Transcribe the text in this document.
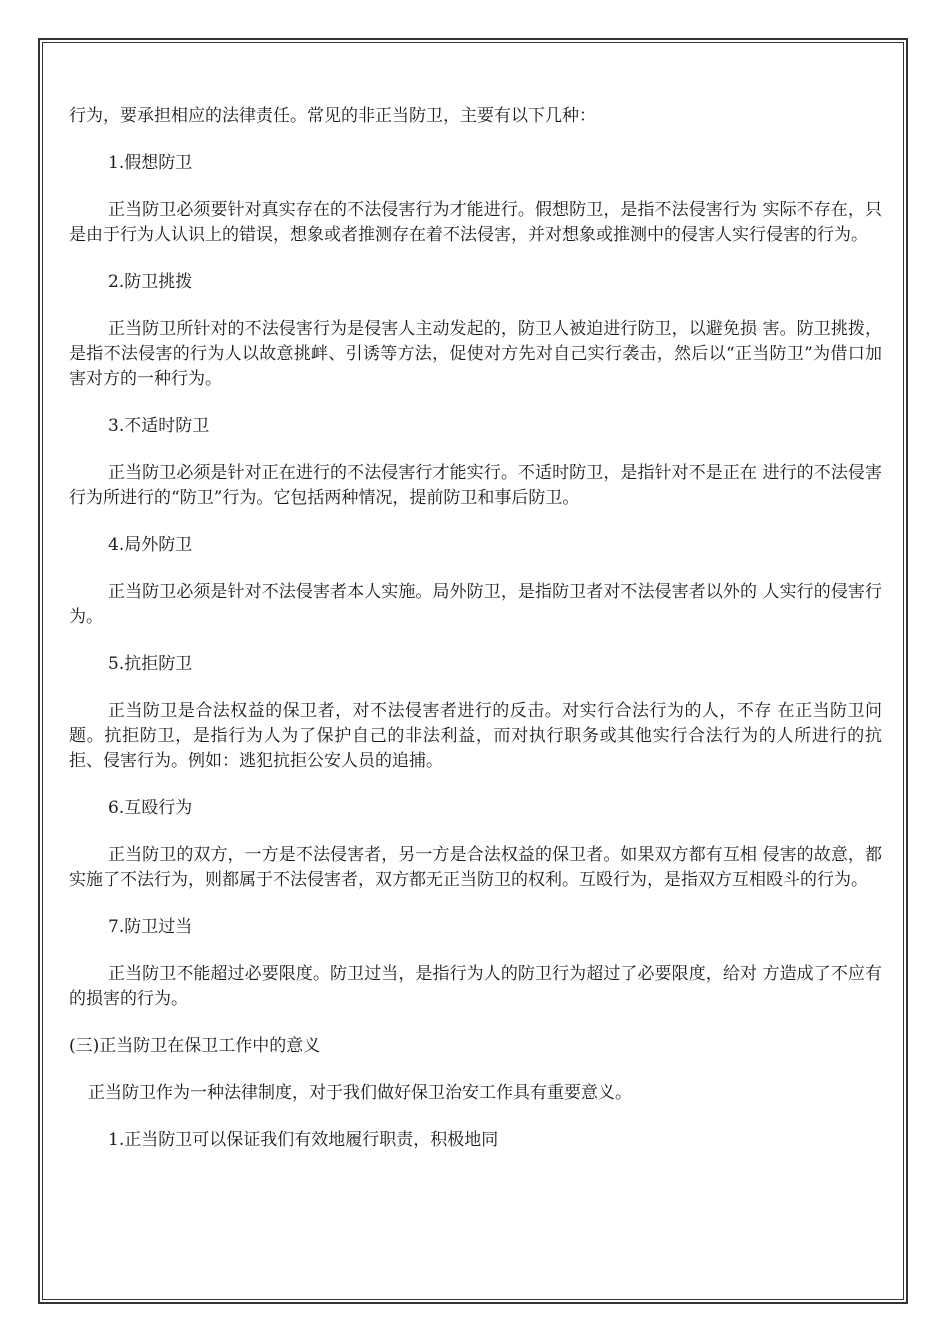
行为，要承担相应的法律责任。常见的非正当防卫，主要有以下几种：

1.假想防卫

正当防卫必须要针对真实存在的不法侵害行为才能进行。假想防卫，是指不法侵害行为 实际不存在，只是由于行为人认识上的错误，想象或者推测存在着不法侵害，并对想象或推测中的侵害人实行侵害的行为。

2.防卫挑拨

正当防卫所针对的不法侵害行为是侵害人主动发起的，防卫人被迫进行防卫，以避免损 害。防卫挑拨，是指不法侵害的行为人以故意挑衅、引诱等方法，促使对方先对自己实行袭击，然后以“正当防卫”为借口加害对方的一种行为。

3.不适时防卫

正当防卫必须是针对正在进行的不法侵害行才能实行。不适时防卫，是指针对不是正在 进行的不法侵害行为所进行的“防卫”行为。它包括两种情况，提前防卫和事后防卫。

4.局外防卫

正当防卫必须是针对不法侵害者本人实施。局外防卫，是指防卫者对不法侵害者以外的 人实行的侵害行为。

5.抗拒防卫

正当防卫是合法权益的保卫者，对不法侵害者进行的反击。对实行合法行为的人，不存 在正当防卫问题。抗拒防卫，是指行为人为了保护自己的非法利益，而对执行职务或其他实行合法行为的人所进行的抗拒、侵害行为。例如：逃犯抗拒公安人员的追捕。

6.互殴行为

正当防卫的双方，一方是不法侵害者，另一方是合法权益的保卫者。如果双方都有互相 侵害的故意，都实施了不法行为，则都属于不法侵害者，双方都无正当防卫的权利。互殴行为，是指双方互相殴斗的行为。

7.防卫过当

正当防卫不能超过必要限度。防卫过当，是指行为人的防卫行为超过了必要限度，给对 方造成了不应有的损害的行为。

(三)正当防卫在保卫工作中的意义

正当防卫作为一种法律制度，对于我们做好保卫治安工作具有重要意义。

1.正当防卫可以保证我们有效地履行职责，积极地同
